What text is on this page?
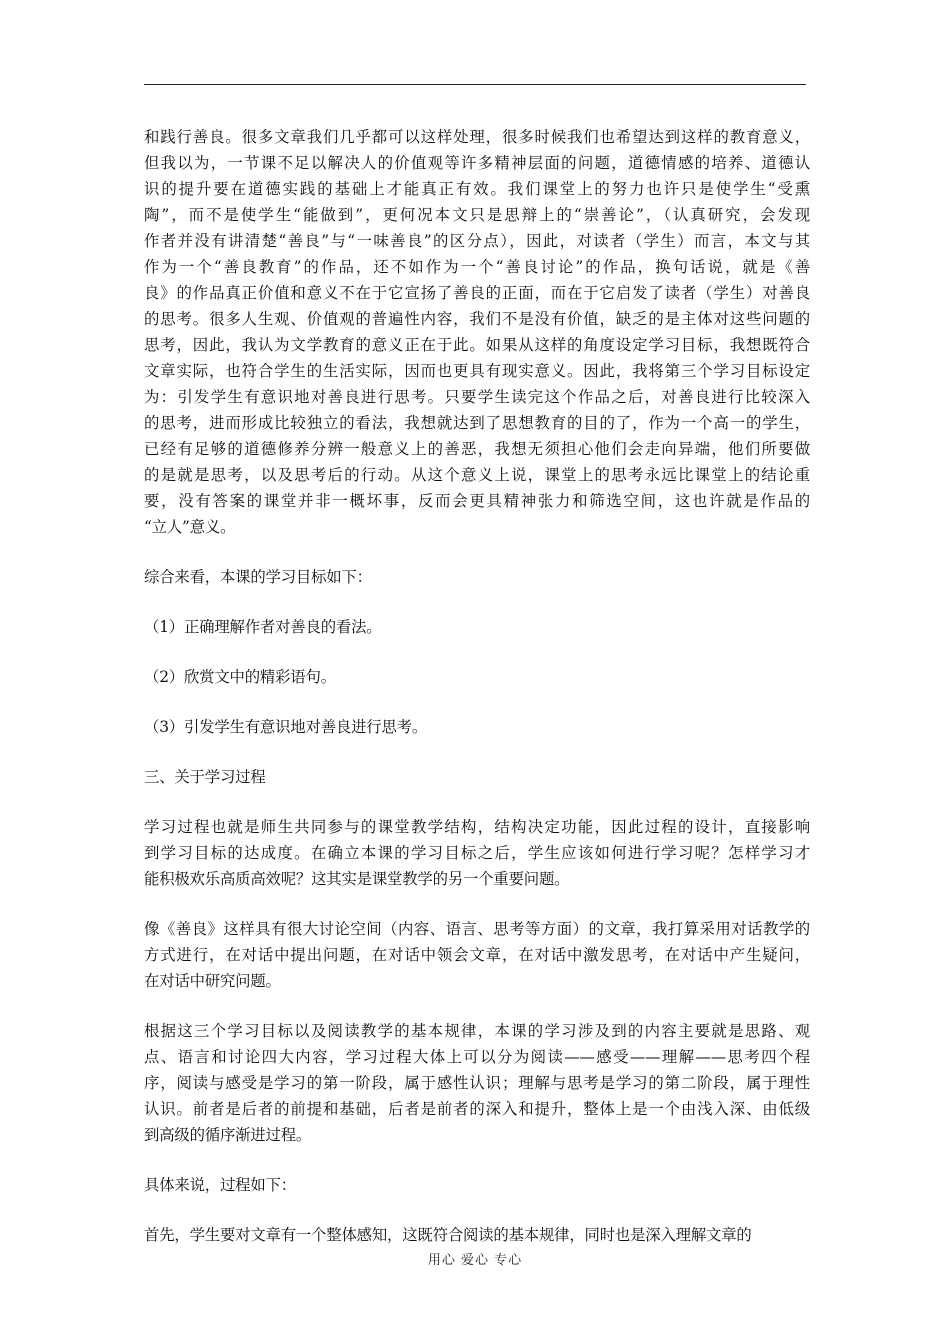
和践行善良。很多文章我们几乎都可以这样处理，很多时候我们也希望达到这样的教育意义，
但我以为，一节课不足以解决人的价值观等许多精神层面的问题，道德情感的培养、道德认
识的提升要在道德实践的基础上才能真正有效。我们课堂上的努力也许只是使学生“受熏
陶”，而不是使学生“能做到”，更何况本文只是思辩上的“崇善论”，（认真研究，会发现
作者并没有讲清楚“善良”与“一味善良”的区分点），因此，对读者（学生）而言，本文与其
作为一个“善良教育”的作品，还不如作为一个“善良讨论”的作品，换句话说，就是《善
良》的作品真正价值和意义不在于它宣扬了善良的正面，而在于它启发了读者（学生）对善良
的思考。很多人生观、价值观的普遍性内容，我们不是没有价值，缺乏的是主体对这些问题的
思考，因此，我认为文学教育的意义正在于此。如果从这样的角度设定学习目标，我想既符合
文章实际，也符合学生的生活实际，因而也更具有现实意义。因此，我将第三个学习目标设定
为：引发学生有意识地对善良进行思考。只要学生读完这个作品之后，对善良进行比较深入
的思考，进而形成比较独立的看法，我想就达到了思想教育的目的了，作为一个高一的学生，
已经有足够的道德修养分辨一般意义上的善恶，我想无须担心他们会走向异端，他们所要做
的是就是思考，以及思考后的行动。从这个意义上说，课堂上的思考永远比课堂上的结论重
要，没有答案的课堂并非一概坏事，反而会更具精神张力和筛选空间，这也许就是作品的
“立人”意义。
综合来看，本课的学习目标如下：
（1）正确理解作者对善良的看法。
（2）欣赏文中的精彩语句。
（3）引发学生有意识地对善良进行思考。
三、关于学习过程
学习过程也就是师生共同参与的课堂教学结构，结构决定功能，因此过程的设计，直接影响
到学习目标的达成度。在确立本课的学习目标之后，学生应该如何进行学习呢？怎样学习才
能积极欢乐高质高效呢？这其实是课堂教学的另一个重要问题。
像《善良》这样具有很大讨论空间（内容、语言、思考等方面）的文章，我打算采用对话教学的
方式进行，在对话中提出问题，在对话中领会文章，在对话中激发思考，在对话中产生疑问，
在对话中研究问题。
根据这三个学习目标以及阅读教学的基本规律，本课的学习涉及到的内容主要就是思路、观
点、语言和讨论四大内容，学习过程大体上可以分为阅读——感受——理解——思考四个程
序，阅读与感受是学习的第一阶段，属于感性认识；理解与思考是学习的第二阶段，属于理性
认识。前者是后者的前提和基础，后者是前者的深入和提升，整体上是一个由浅入深、由低级
到高级的循序渐进过程。
具体来说，过程如下：
首先，学生要对文章有一个整体感知，这既符合阅读的基本规律，同时也是深入理解文章的
用心 爱心 专心
